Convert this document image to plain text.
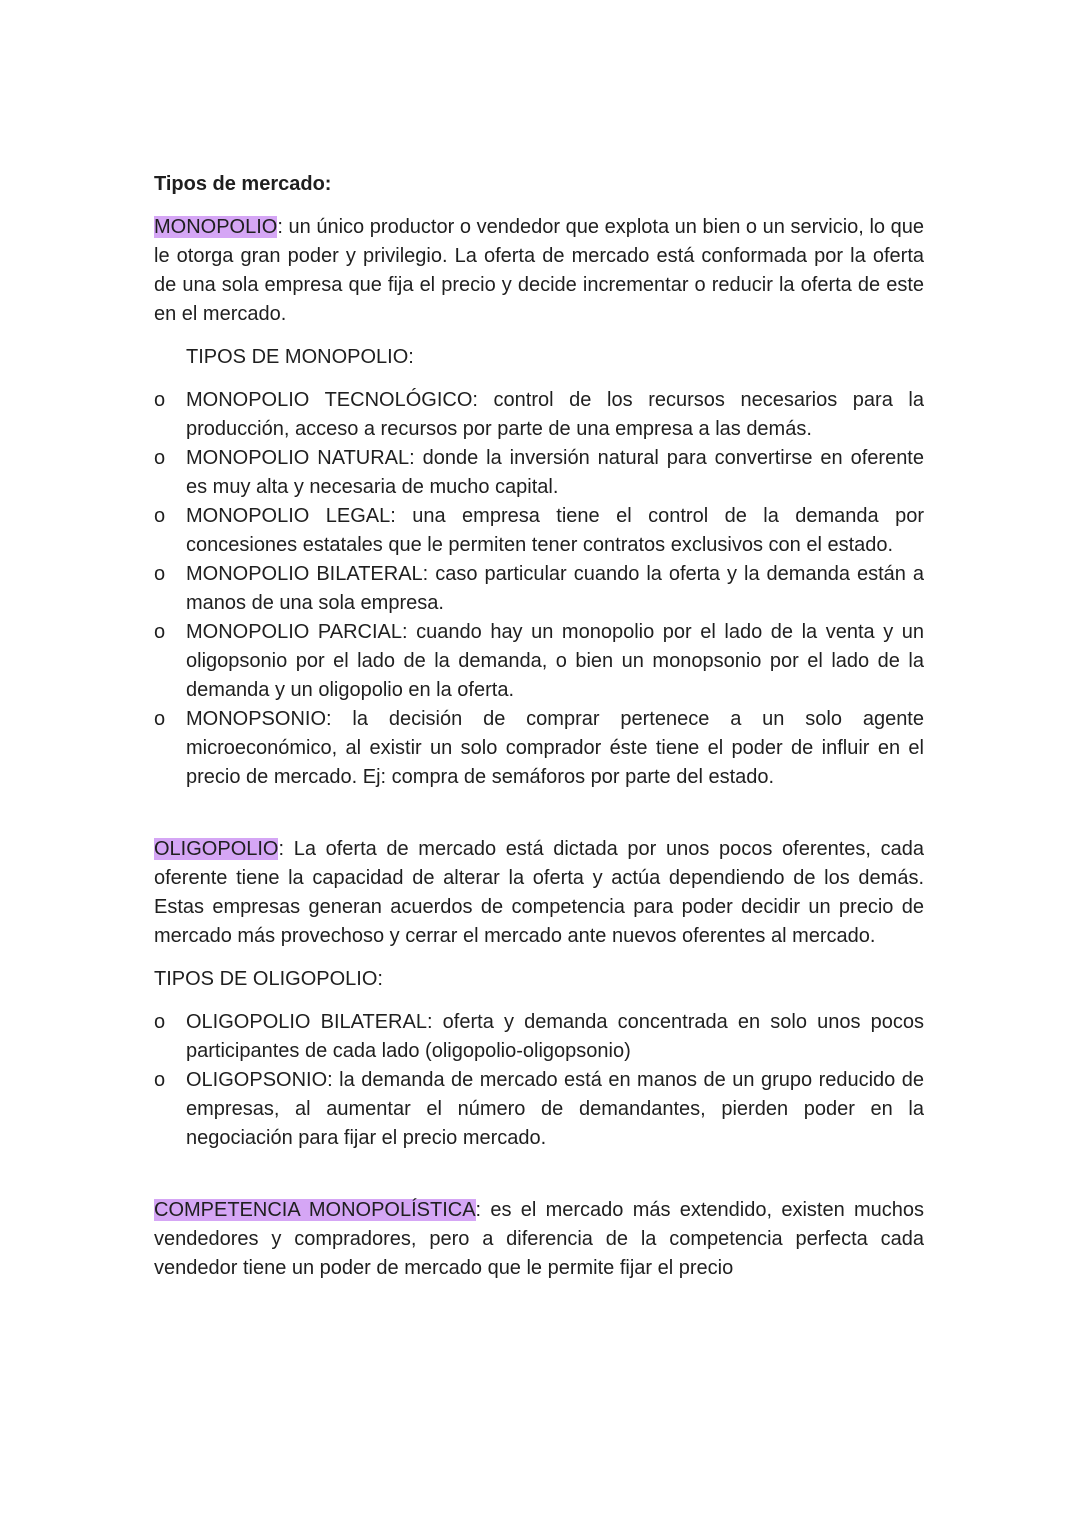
Tipos de mercado:

MONOPOLIO: un único productor o vendedor que explota un bien o un servicio, lo que le otorga gran poder y privilegio. La oferta de mercado está conformada por la oferta de una sola empresa que fija el precio y decide incrementar o reducir la oferta de este en el mercado.

TIPOS DE MONOPOLIO:

o MONOPOLIO TECNOLÓGICO: control de los recursos necesarios para la producción, acceso a recursos por parte de una empresa a las demás.
o MONOPOLIO NATURAL: donde la inversión natural para convertirse en oferente es muy alta y necesaria de mucho capital.
o MONOPOLIO LEGAL: una empresa tiene el control de la demanda por concesiones estatales que le permiten tener contratos exclusivos con el estado.
o MONOPOLIO BILATERAL: caso particular cuando la oferta y la demanda están a manos de una sola empresa.
o MONOPOLIO PARCIAL: cuando hay un monopolio por el lado de la venta y un oligopsonio por el lado de la demanda, o bien un monopsonio por el lado de la demanda y un oligopolio en la oferta.
o MONOPSONIO: la decisión de comprar pertenece a un solo agente microeconómico, al existir un solo comprador éste tiene el poder de influir en el precio de mercado. Ej: compra de semáforos por parte del estado.

OLIGOPOLIO: La oferta de mercado está dictada por unos pocos oferentes, cada oferente tiene la capacidad de alterar la oferta y actúa dependiendo de los demás. Estas empresas generan acuerdos de competencia para poder decidir un precio de mercado más provechoso y cerrar el mercado ante nuevos oferentes al mercado.

TIPOS DE OLIGOPOLIO:

o OLIGOPOLIO BILATERAL: oferta y demanda concentrada en solo unos pocos participantes de cada lado (oligopolio-oligopsonio)
o OLIGOPSONIO: la demanda de mercado está en manos de un grupo reducido de empresas, al aumentar el número de demandantes, pierden poder en la negociación para fijar el precio mercado.

COMPETENCIA MONOPOLÍSTICA: es el mercado más extendido, existen muchos vendedores y compradores, pero a diferencia de la competencia perfecta cada vendedor tiene un poder de mercado que le permite fijar el precio
